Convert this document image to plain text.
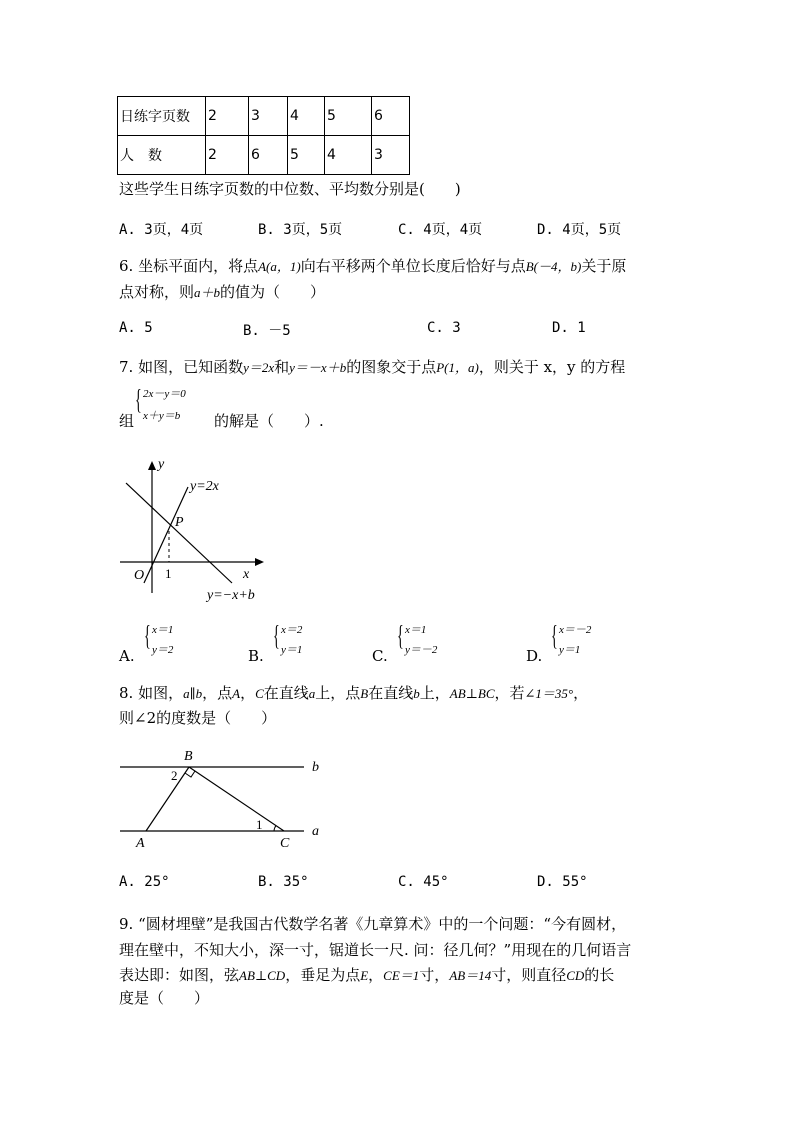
日练字页数	2	3	4	5	6
人　数	2	6	5	4	3
这些学生日练字页数的中位数、平均数分别是(　　)
A. 3页，4页	B. 3页，5页	C. 4页，4页	D. 4页，5页
6. 坐标平面内，将点A(a，1)向右平移两个单位长度后恰好与点B(－4，b)关于原
点对称，则a＋b的值为（　　）
A. 5	B. －5	C. 3	D. 1
7. 如图，已知函数y＝2x和y＝－x＋b的图象交于点P(1，a)，则关于 x，y 的方程
组
{ 2x－y＝0
x＋y＝b 的解是（　　）.
y
x
O 1
P
y=2x
y=−x+b
A.
{ x＝1
y＝2	B.
{ x＝2
y＝1	C.
{ x＝1
y＝－2	D.
{ x＝－2
y＝1
8. 如图，a∥b，点A，C在直线a上，点B在直线b上，AB⊥BC，若∠1＝35°，
则∠2的度数是（　　）
B
b
a
A	C
1
2
A. 25°	B. 35°	C. 45°	D. 55°
9. “圆材埋壁”是我国古代数学名著《九章算术》中的一个问题：“今有圆材，
理在壁中，不知大小，深一寸，锯道长一尺. 问：径几何？”用现在的几何语言
表达即：如图，弦AB⊥CD，垂足为点E，CE＝1寸，AB＝14寸，则直径CD的长
度是（　　）
